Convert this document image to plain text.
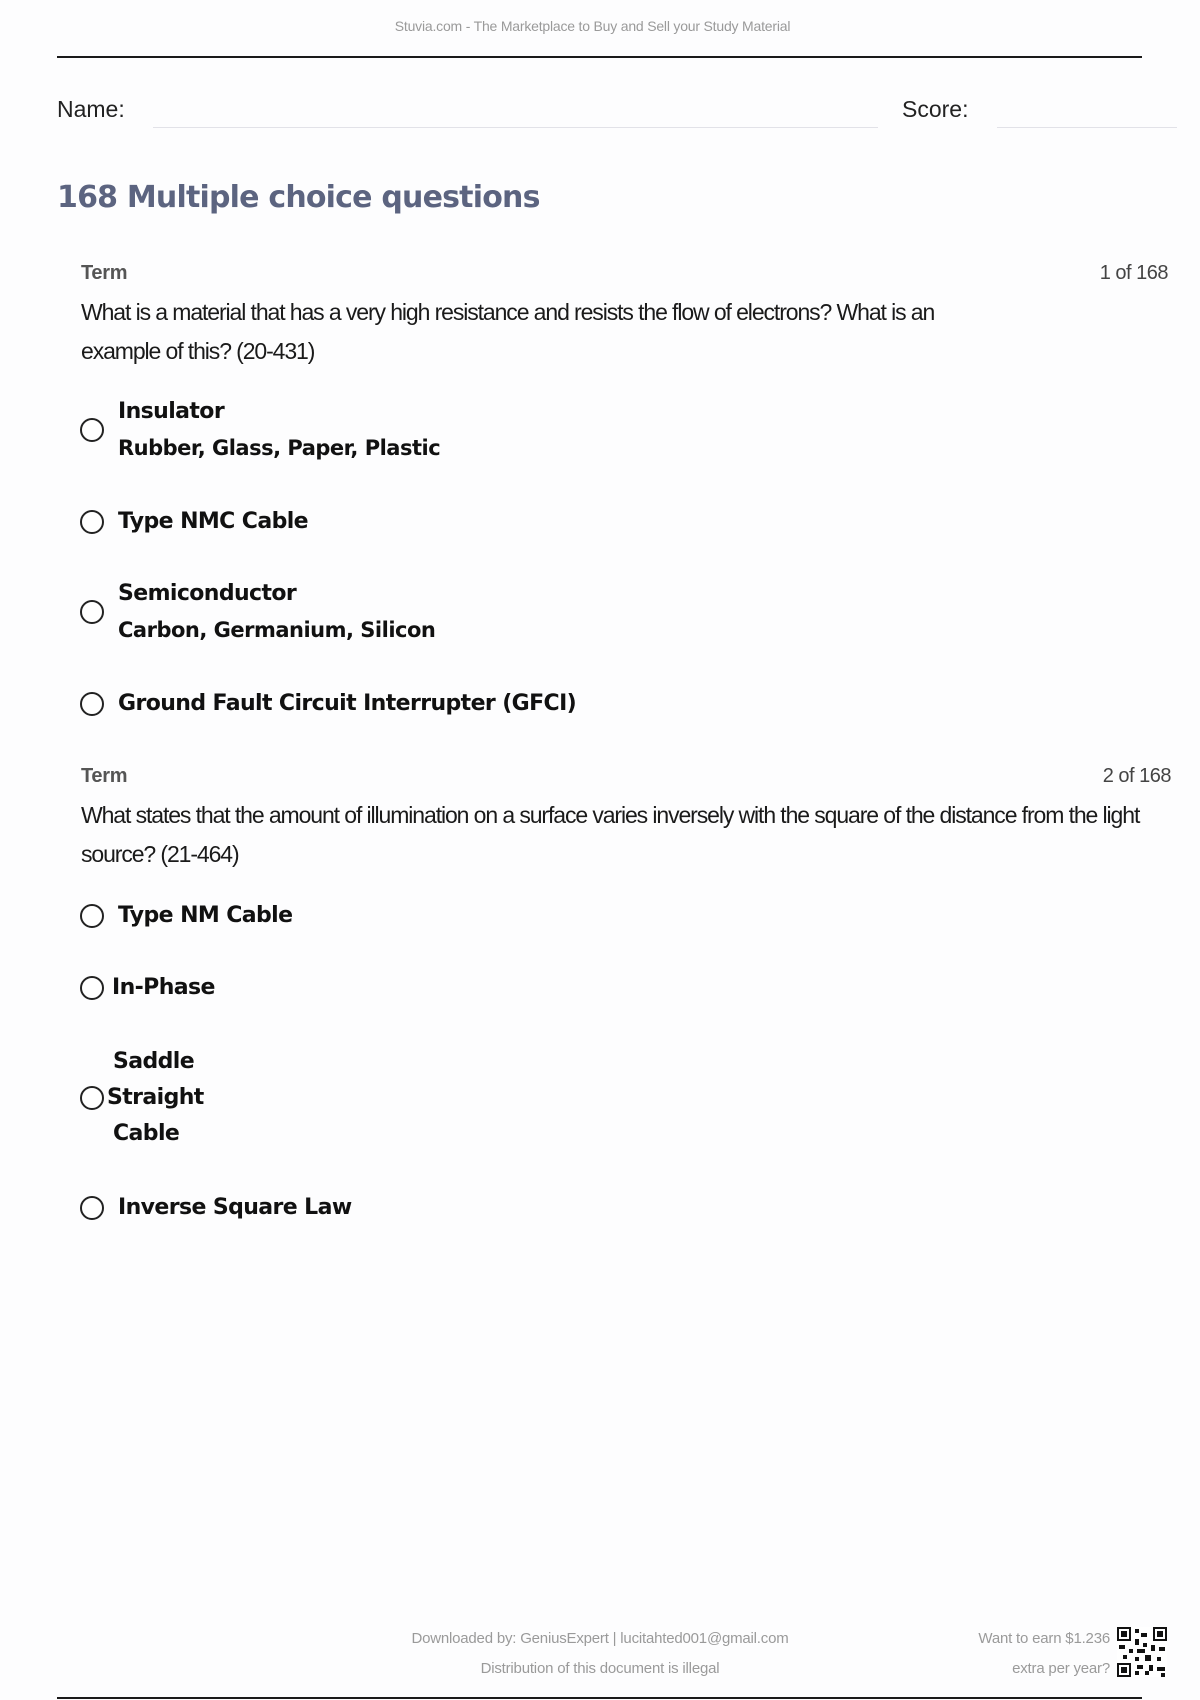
Stuvia.com - The Marketplace to Buy and Sell your Study Material
Name:	Score:
168 Multiple choice questions
Term	1 of 168
What is a material that has a very high resistance and resists the flow of electrons? What is an example of this? (20-431)
Insulator
Rubber, Glass, Paper, Plastic
Type NMC Cable
Semiconductor
Carbon, Germanium, Silicon
Ground Fault Circuit Interrupter (GFCI)
Term	2 of 168
What states that the amount of illumination on a surface varies inversely with the square of the distance from the light source? (21-464)
Type NM Cable
In-Phase
Saddle
Straight
Cable
Inverse Square Law
Downloaded by: GeniusExpert | lucitahted001@gmail.com
Distribution of this document is illegal
Want to earn $1.236
extra per year?
